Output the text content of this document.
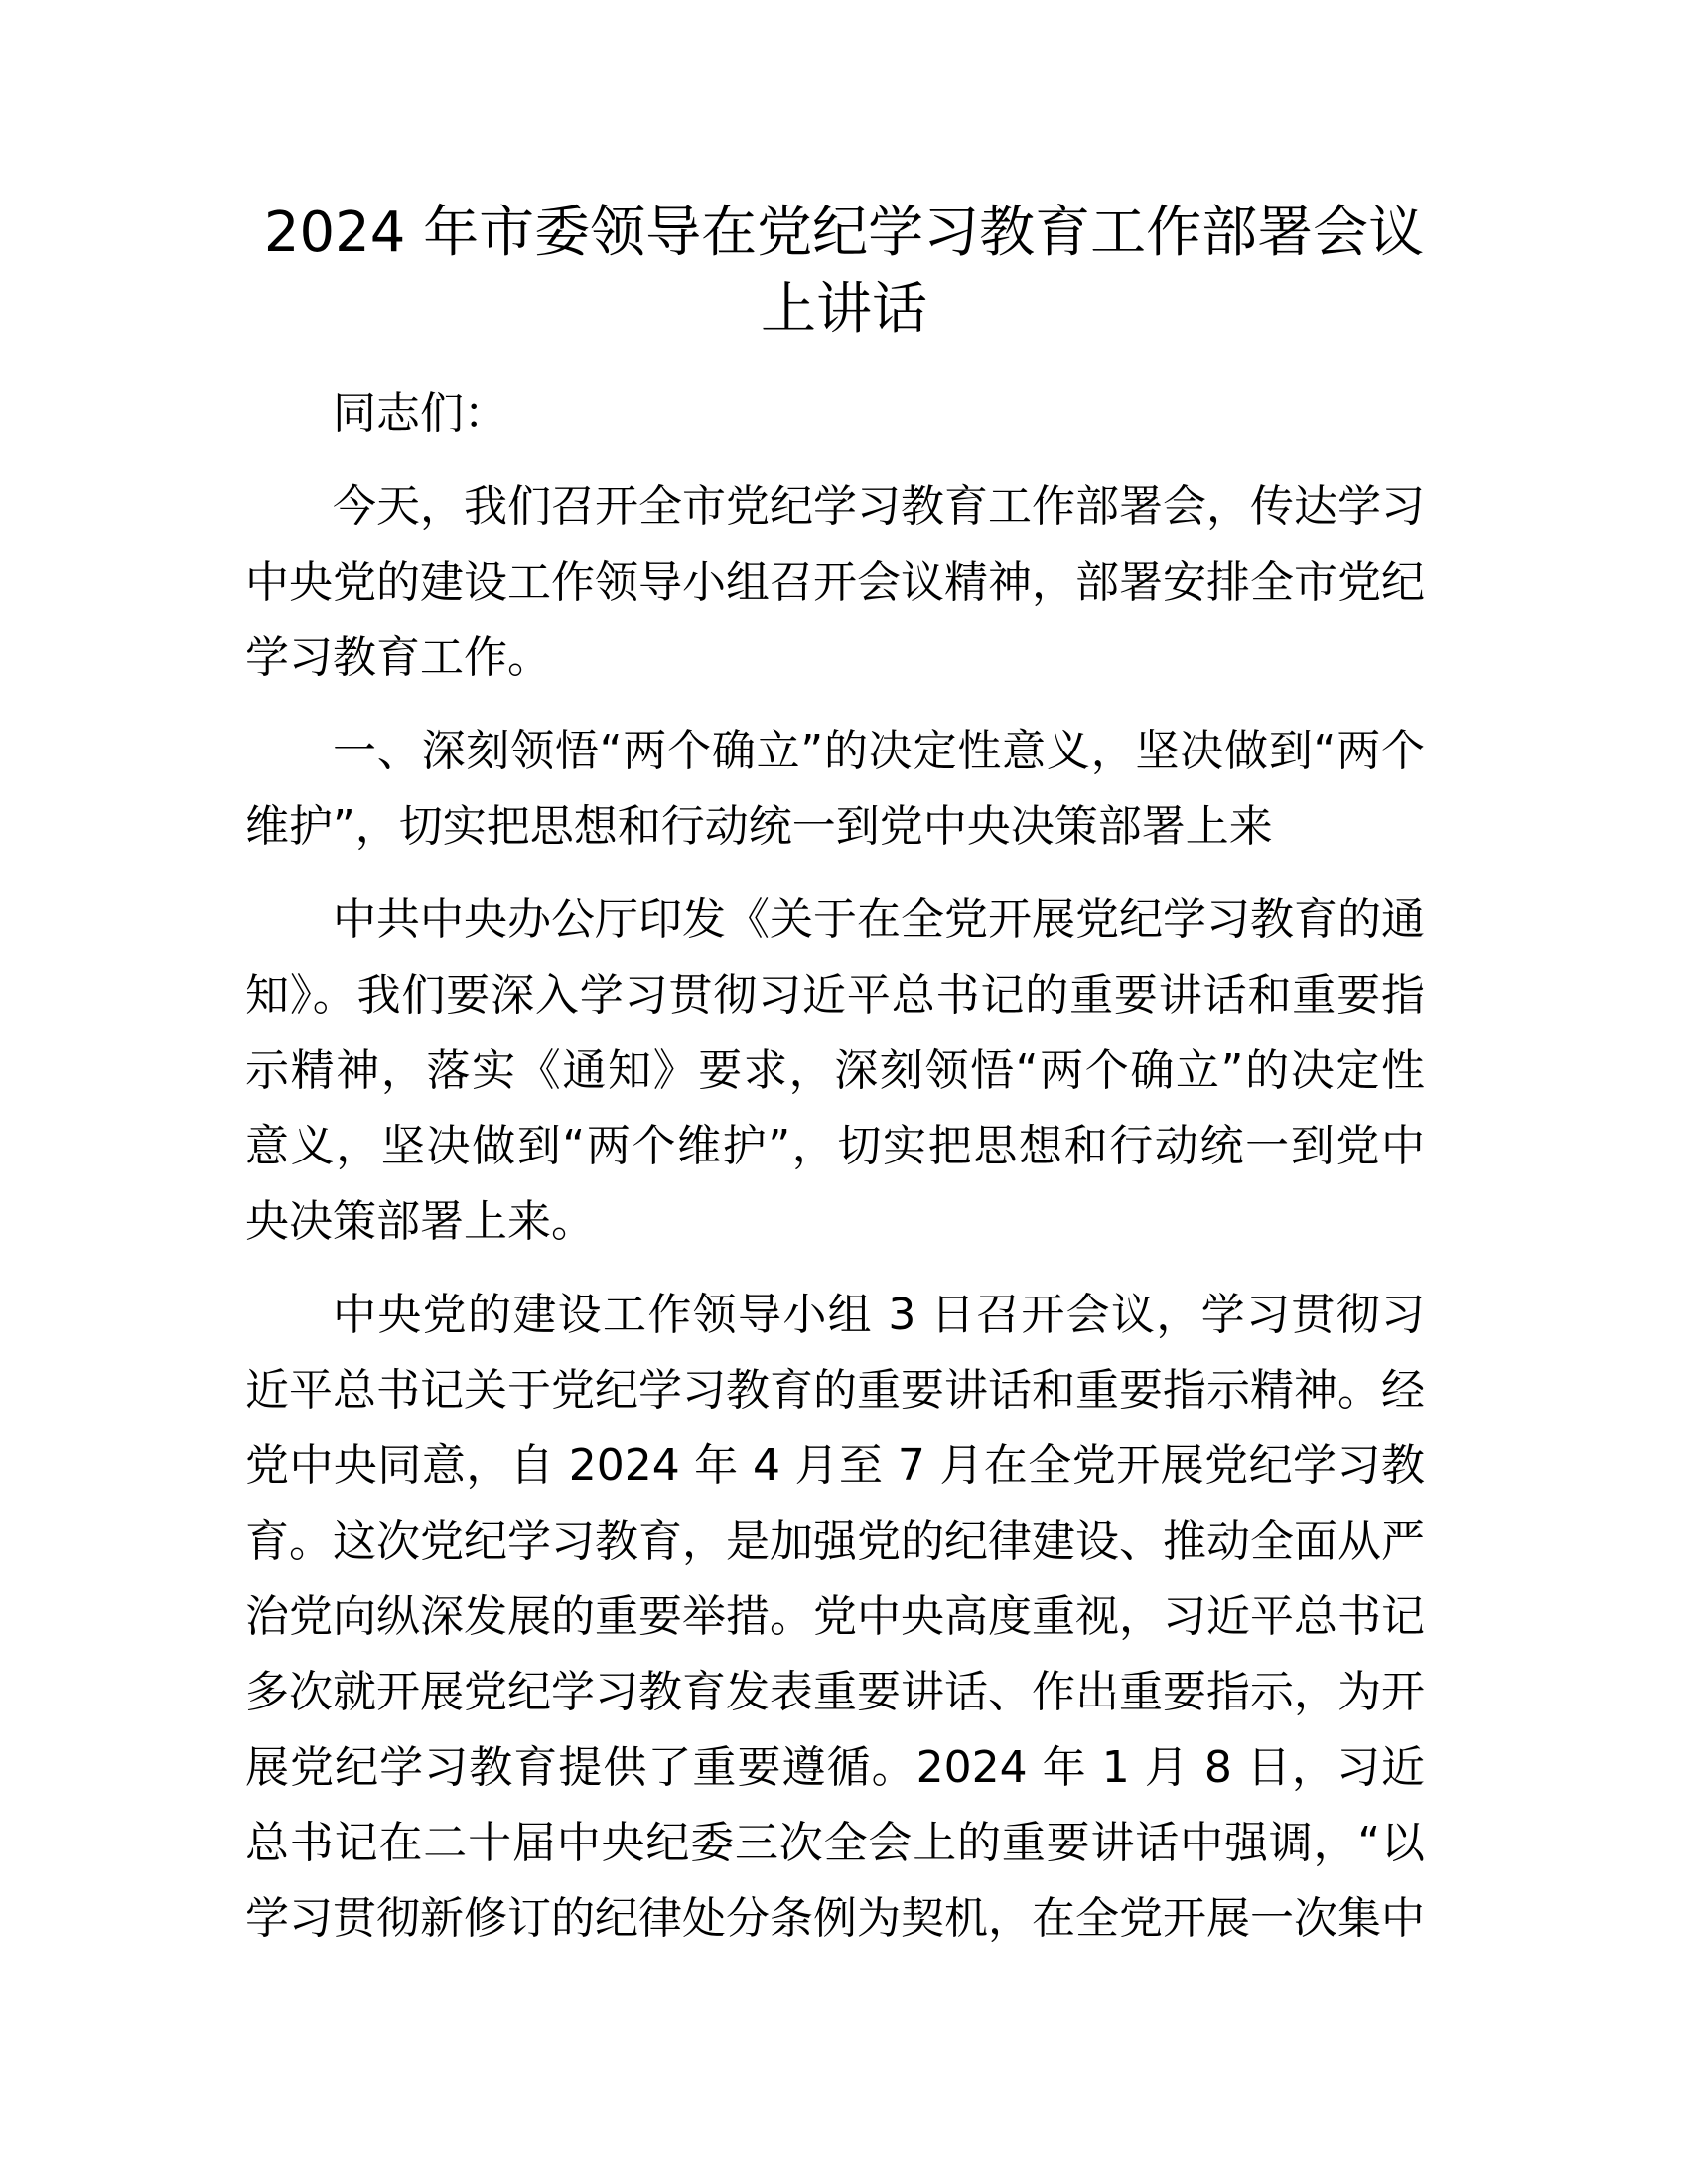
2024 年市委领导在党纪学习教育工作部署会议
上讲话
同志们：
今天，我们召开全市党纪学习教育工作部署会，传达学习
中央党的建设工作领导小组召开会议精神，部署安排全市党纪
学习教育工作。
一、深刻领悟“两个确立”的决定性意义，坚决做到“两个
维护”，切实把思想和行动统一到党中央决策部署上来
中共中央办公厅印发《关于在全党开展党纪学习教育的通
知》。我们要深入学习贯彻习近平总书记的重要讲话和重要指
示精神，落实《通知》要求，深刻领悟“两个确立”的决定性
意义，坚决做到“两个维护”，切实把思想和行动统一到党中
央决策部署上来。
中央党的建设工作领导小组 3 日召开会议，学习贯彻习
近平总书记关于党纪学习教育的重要讲话和重要指示精神。经
党中央同意，自 2024 年 4 月至 7 月在全党开展党纪学习教
育。这次党纪学习教育，是加强党的纪律建设、推动全面从严
治党向纵深发展的重要举措。党中央高度重视，习近平总书记
多次就开展党纪学习教育发表重要讲话、作出重要指示，为开
展党纪学习教育提供了重要遵循。2024 年 1 月 8 日，习近
总书记在二十届中央纪委三次全会上的重要讲话中强调，“以
学习贯彻新修订的纪律处分条例为契机，在全党开展一次集中
